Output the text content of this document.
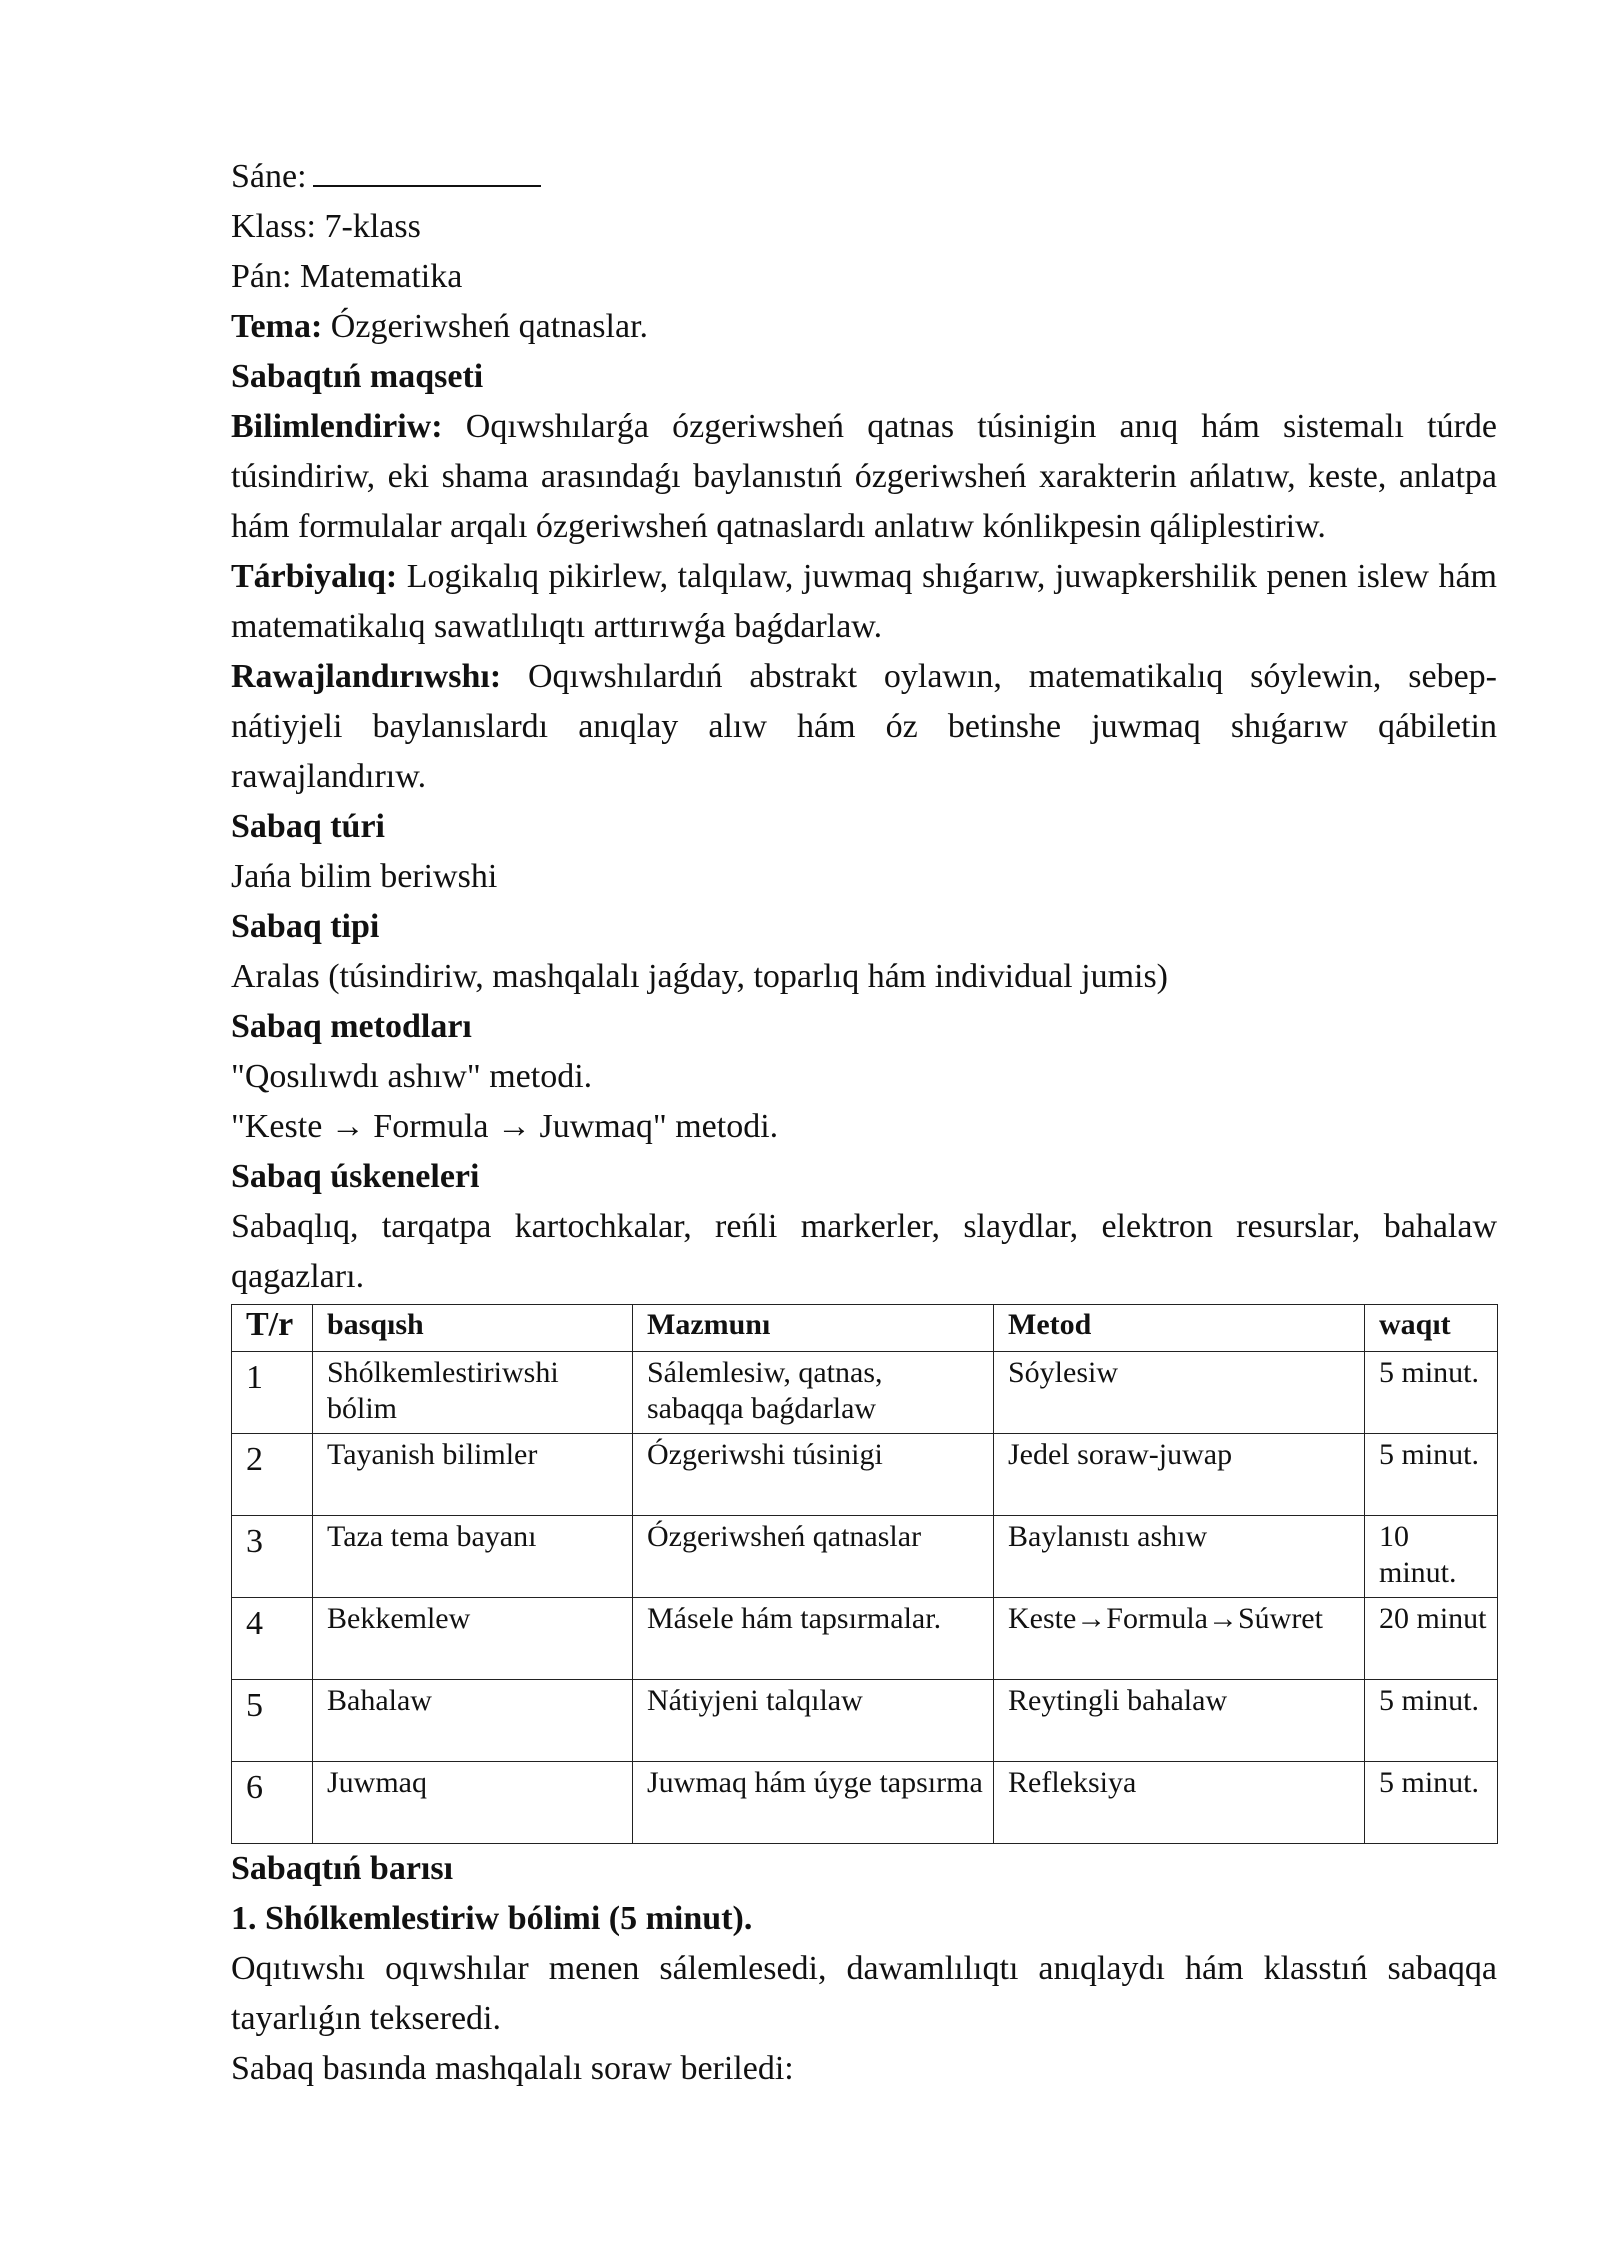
Sáne:

Klass: 7-klass

Pán: Matematika

Tema: Ózgeriwsheń qatnaslar.

Sabaqtıń maqseti

Bilimlendiriw: Oqıwshılarǵa ózgeriwsheń qatnas túsinigin anıq hám sistemalı túrde túsindiriw, eki shama arasındaǵı baylanıstıń ózgeriwsheń xarakterin ańlatıw, keste, anlatpa hám formulalar arqalı ózgeriwsheń qatnaslardı anlatıw kónlikpesin qáliplestiriw.

Tárbiyalıq: Logikalıq pikirlew, talqılaw, juwmaq shıǵarıw, juwapkershilik penen islew hám matematikalıq sawatlılıqtı arttırıwǵa baǵdarlaw.

Rawajlandırıwshı: Oqıwshılardıń abstrakt oylawın, matematikalıq sóylewin, sebep-nátiyjeli baylanıslardı anıqlay alıw hám óz betinshe juwmaq shıǵarıw qábiletin rawajlandırıw.

Sabaq túri

Jańa bilim beriwshi

Sabaq tipi

Aralas (túsindiriw, mashqalalı jaǵday, toparlıq hám individual jumis)

Sabaq metodları

"Qosılıwdı ashıw" metodi.

"Keste → Formula → Juwmaq" metodi.

Sabaq úskeneleri

Sabaqlıq, tarqatpa kartochkalar, reńli markerler, slaydlar, elektron resurslar, bahalaw qagazları.

T/r	basqısh	Mazmunı	Metod	waqıt
1	Shólkemlestiriwshi bólim	Sálemlesiw, qatnas, sabaqqa baǵdarlaw	Sóylesiw	5 minut.
2	Tayanish bilimler	Ózgeriwshi túsinigi	Jedel soraw-juwap	5 minut.
3	Taza tema bayanı	Ózgeriwsheń qatnaslar	Baylanıstı ashıw	10 minut.
4	Bekkemlew	Másele hám tapsırmalar.	Keste→Formula→Súwret	20 minut
5	Bahalaw	Nátiyjeni talqılaw	Reytingli bahalaw	5 minut.
6	Juwmaq	Juwmaq hám úyge tapsırma	Refleksiya	5 minut.

Sabaqtıń barısı

1. Shólkemlestiriw bólimi (5 minut).

Oqıtıwshı oqıwshılar menen sálemlesedi, dawamlılıqtı anıqlaydı hám klasstıń sabaqqa tayarlıǵın tekseredi.

Sabaq basında mashqalalı soraw beriledi:
